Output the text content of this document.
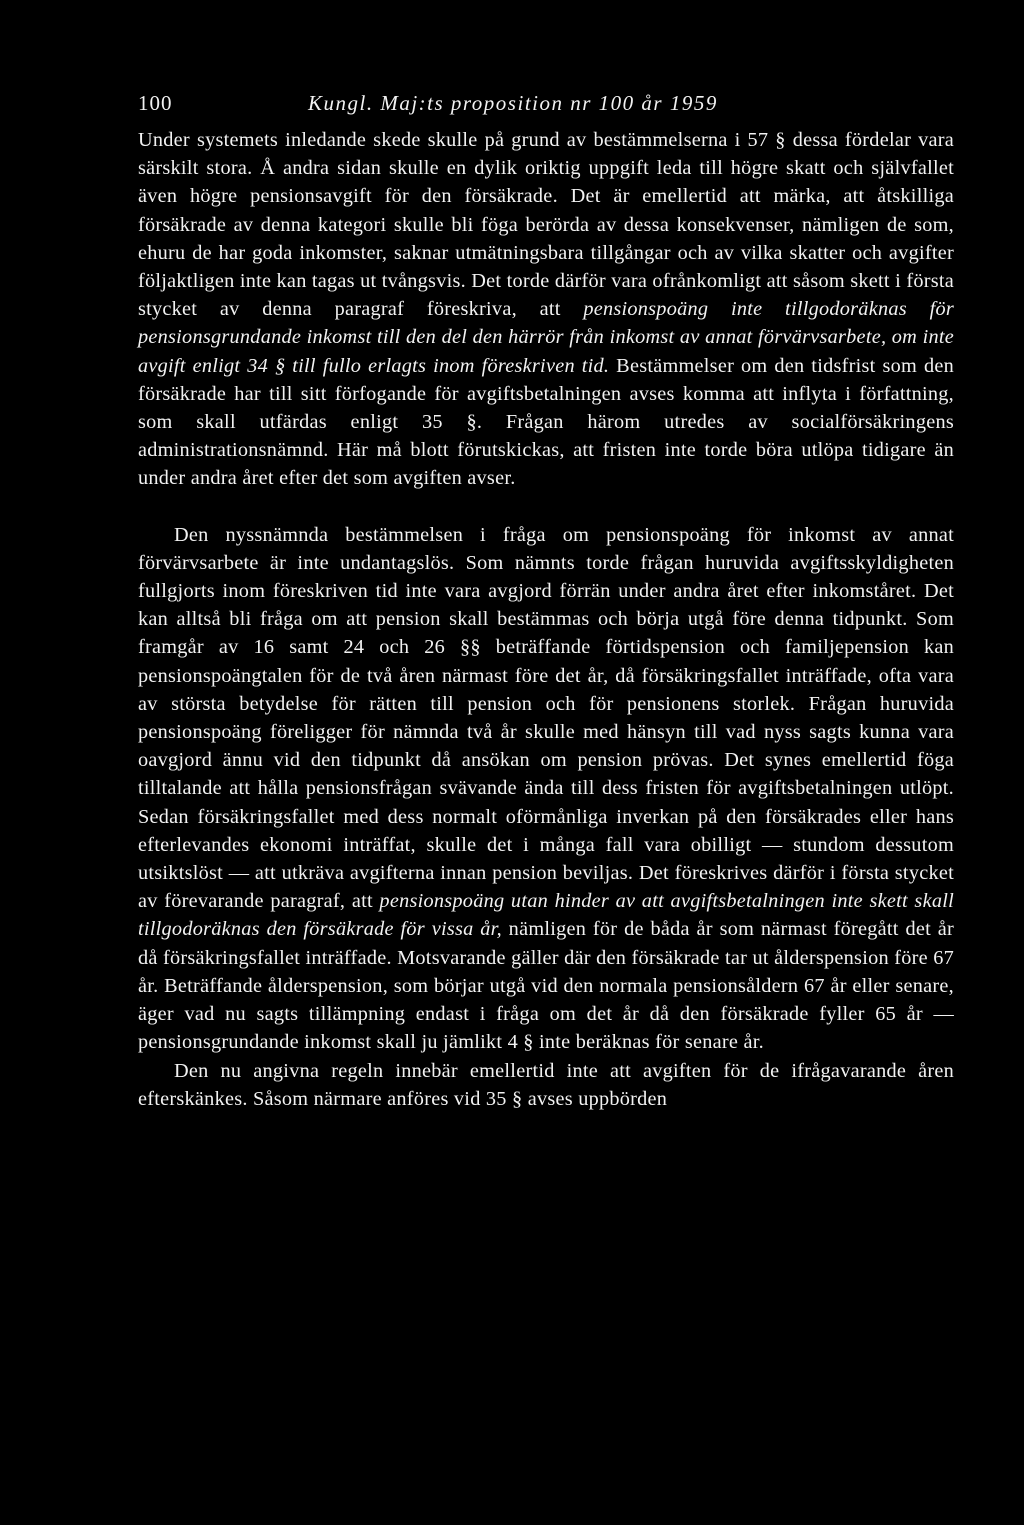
100	Kungl. Maj:ts proposition nr 100 år 1959

Under systemets inledande skede skulle på grund av bestämmelserna i 57 § dessa fördelar vara särskilt stora. Å andra sidan skulle en dylik oriktig uppgift leda till högre skatt och självfallet även högre pensionsavgift för den försäkrade. Det är emellertid att märka, att åtskilliga försäkrade av denna kategori skulle bli föga berörda av dessa konsekvenser, nämligen de som, ehuru de har goda inkomster, saknar utmätningsbara tillgångar och av vilka skatter och avgifter följaktligen inte kan tagas ut tvångsvis. Det torde därför vara ofrånkomligt att såsom skett i första stycket av denna paragraf föreskriva, att pensionspoäng inte tillgodoräknas för pensionsgrundande inkomst till den del den härrör från inkomst av annat förvärvsarbete, om inte avgift enligt 34 § till fullo erlagts inom föreskriven tid. Bestämmelser om den tidsfrist som den försäkrade har till sitt förfogande för avgiftsbetalningen avses komma att inflyta i författning, som skall utfärdas enligt 35 §. Frågan härom utredes av socialförsäkringens administrationsnämnd. Här må blott förutskickas, att fristen inte torde böra utlöpa tidigare än under andra året efter det som avgiften avser.

Den nyssnämnda bestämmelsen i fråga om pensionspoäng för inkomst av annat förvärvsarbete är inte undantagslös. Som nämnts torde frågan huruvida avgiftsskyldigheten fullgjorts inom föreskriven tid inte vara avgjord förrän under andra året efter inkomståret. Det kan alltså bli fråga om att pension skall bestämmas och börja utgå före denna tidpunkt. Som framgår av 16 samt 24 och 26 §§ beträffande förtidspension och familjepension kan pensionspoängtalen för de två åren närmast före det år, då försäkringsfallet inträffade, ofta vara av största betydelse för rätten till pension och för pensionens storlek. Frågan huruvida pensionspoäng föreligger för nämnda två år skulle med hänsyn till vad nyss sagts kunna vara oavgjord ännu vid den tidpunkt då ansökan om pension prövas. Det synes emellertid föga tilltalande att hålla pensionsfrågan svävande ända till dess fristen för avgiftsbetalningen utlöpt. Sedan försäkringsfallet med dess normalt oförmånliga inverkan på den försäkrades eller hans efterlevandes ekonomi inträffat, skulle det i många fall vara obilligt — stundom dessutom utsiktslöst — att utkräva avgifterna innan pension beviljas. Det föreskrives därför i första stycket av förevarande paragraf, att pensionspoäng utan hinder av att avgiftsbetalningen inte skett skall tillgodoräknas den försäkrade för vissa år, nämligen för de båda år som närmast föregått det år då försäkringsfallet inträffade. Motsvarande gäller där den försäkrade tar ut ålderspension före 67 år. Beträffande ålderspension, som börjar utgå vid den normala pensionsåldern 67 år eller senare, äger vad nu sagts tillämpning endast i fråga om det år då den försäkrade fyller 65 år — pensionsgrundande inkomst skall ju jämlikt 4 § inte beräknas för senare år.

Den nu angivna regeln innebär emellertid inte att avgiften för de ifrågavarande åren efterskänkes. Såsom närmare anföres vid 35 § avses uppbörden
